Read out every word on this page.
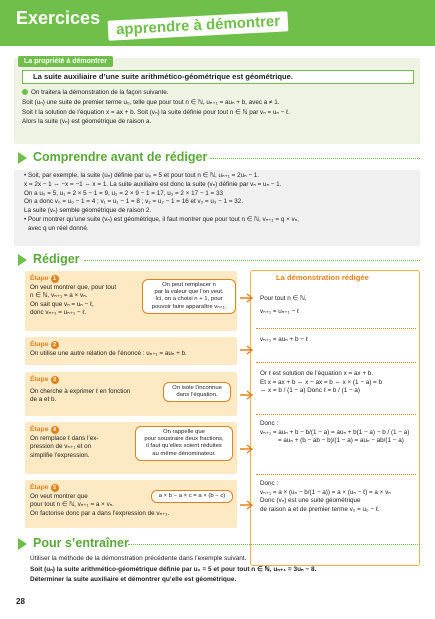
Exercices	apprendre à démontrer
La propriété à démontrer
La suite auxiliaire d’une suite arithmético-géométrique est géométrique.
On traitera la démonstration de la façon suivante.
Soit (uₙ) une suite de premier terme u₀, telle que pour tout n ∈ ℕ, uₙ₊₁ = auₙ + b, avec a ≠ 1.
Soit ℓ la solution de l’équation x = ax + b. Soit (vₙ) la suite définie pour tout n ∈ ℕ par vₙ = uₙ − ℓ.
Alors la suite (vₙ) est géométrique de raison a.
Comprendre avant de rédiger

• Soit, par exemple, la suite (uₙ) définie par u₀ = 5 et pour tout n ∈ ℕ, uₙ₊₁ = 2uₙ − 1.

x = 2x − 1 ⇔ −x = −1 ⇔ x = 1. La suite auxiliaire est donc la suite (vₙ) définie par vₙ = uₙ − 1.

On a u₀ = 5, u₁ = 2 × 5 − 1 = 9, u₂ = 2 × 9 − 1 = 17, u₃ = 2 × 17 − 1 = 33

On a donc v₀ = u₀ − 1 = 4 ; v₁ = u₁ − 1 = 8 ; v₂ = u₂ − 1 = 16 et v₃ = u₃ − 1 = 32.

La suite (vₙ) semble géométrique de raison 2.

• Pour montrer qu’une suite (vₙ) est géométrique, il faut montrer que pour tout n ∈ ℕ, vₙ₊₁ = q × vₙ,

avec q un réel donné.

Rédiger
La démonstration rédigée
Étape 1
On veut montrer que, pour tout
n ∈ ℕ, vₙ₊₁ = a × vₙ.
On sait que vₙ = uₙ − ℓ,
donc vₙ₊₁ = uₙ₊₁ − ℓ.
On peut remplacer n
par la valeur que l’on veut.
Ici, on a choisi n + 1, pour
pouvoir faire apparaître vₙ₊₁.
Étape 2
On utilise une autre relation de l’énoncé : uₙ₊₁ = auₙ + b.
Étape 3
On cherche à exprimer ℓ en fonction
de a et b.
On isole l’inconnue
dans l’équation.
Étape 4
On remplace ℓ dans l’ex-
pression de vₙ₊₁ et on
simplifie l’expression.
On rappelle que
pour soustraire deux fractions,
il faut qu’elles soient réduites
au même dénominateur.
Étape 5
On veut montrer que
pour tout n ∈ ℕ, vₙ₊₁ = a × vₙ.
On factorise donc par a dans l’expression de vₙ₊₁.
a × b − a × c = a × (b − c)
Pour tout n ∈ ℕ,
vₙ₊₁ = uₙ₊₁ − ℓ
vₙ₊₁ = auₙ + b − ℓ
Or ℓ est solution de l’équation x = ax + b.
Et x = ax + b ⇔ x − ax = b ⇔ x × (1 − a) = b
⇔ x = b / (1 − a) Donc ℓ = b / (1 − a)
Donc :
vₙ₊₁ = auₙ + b − b/(1 − a) = auₙ + b(1 − a) − b / (1 − a)
= auₙ + (b − ab − b)/(1 − a) = auₙ − ab/(1 − a)
Donc :
vₙ₊₁ = a × (uₙ − b/(1 − a)) = a × (uₙ − ℓ) = a × vₙ
Donc (vₙ) est une suite géométrique
de raison a et de premier terme v₀ = u₀ − ℓ.
Pour s’entraîner
Utiliser la méthode de la démonstration précédente dans l’exemple suivant.
Soit (uₙ) la suite arithmético-géométrique définie par u₀ = 5 et pour tout n ∈ ℕ, uₙ₊₁ = 3uₙ − 8.
Déterminer la suite auxiliaire et démontrer qu’elle est géométrique.
28
